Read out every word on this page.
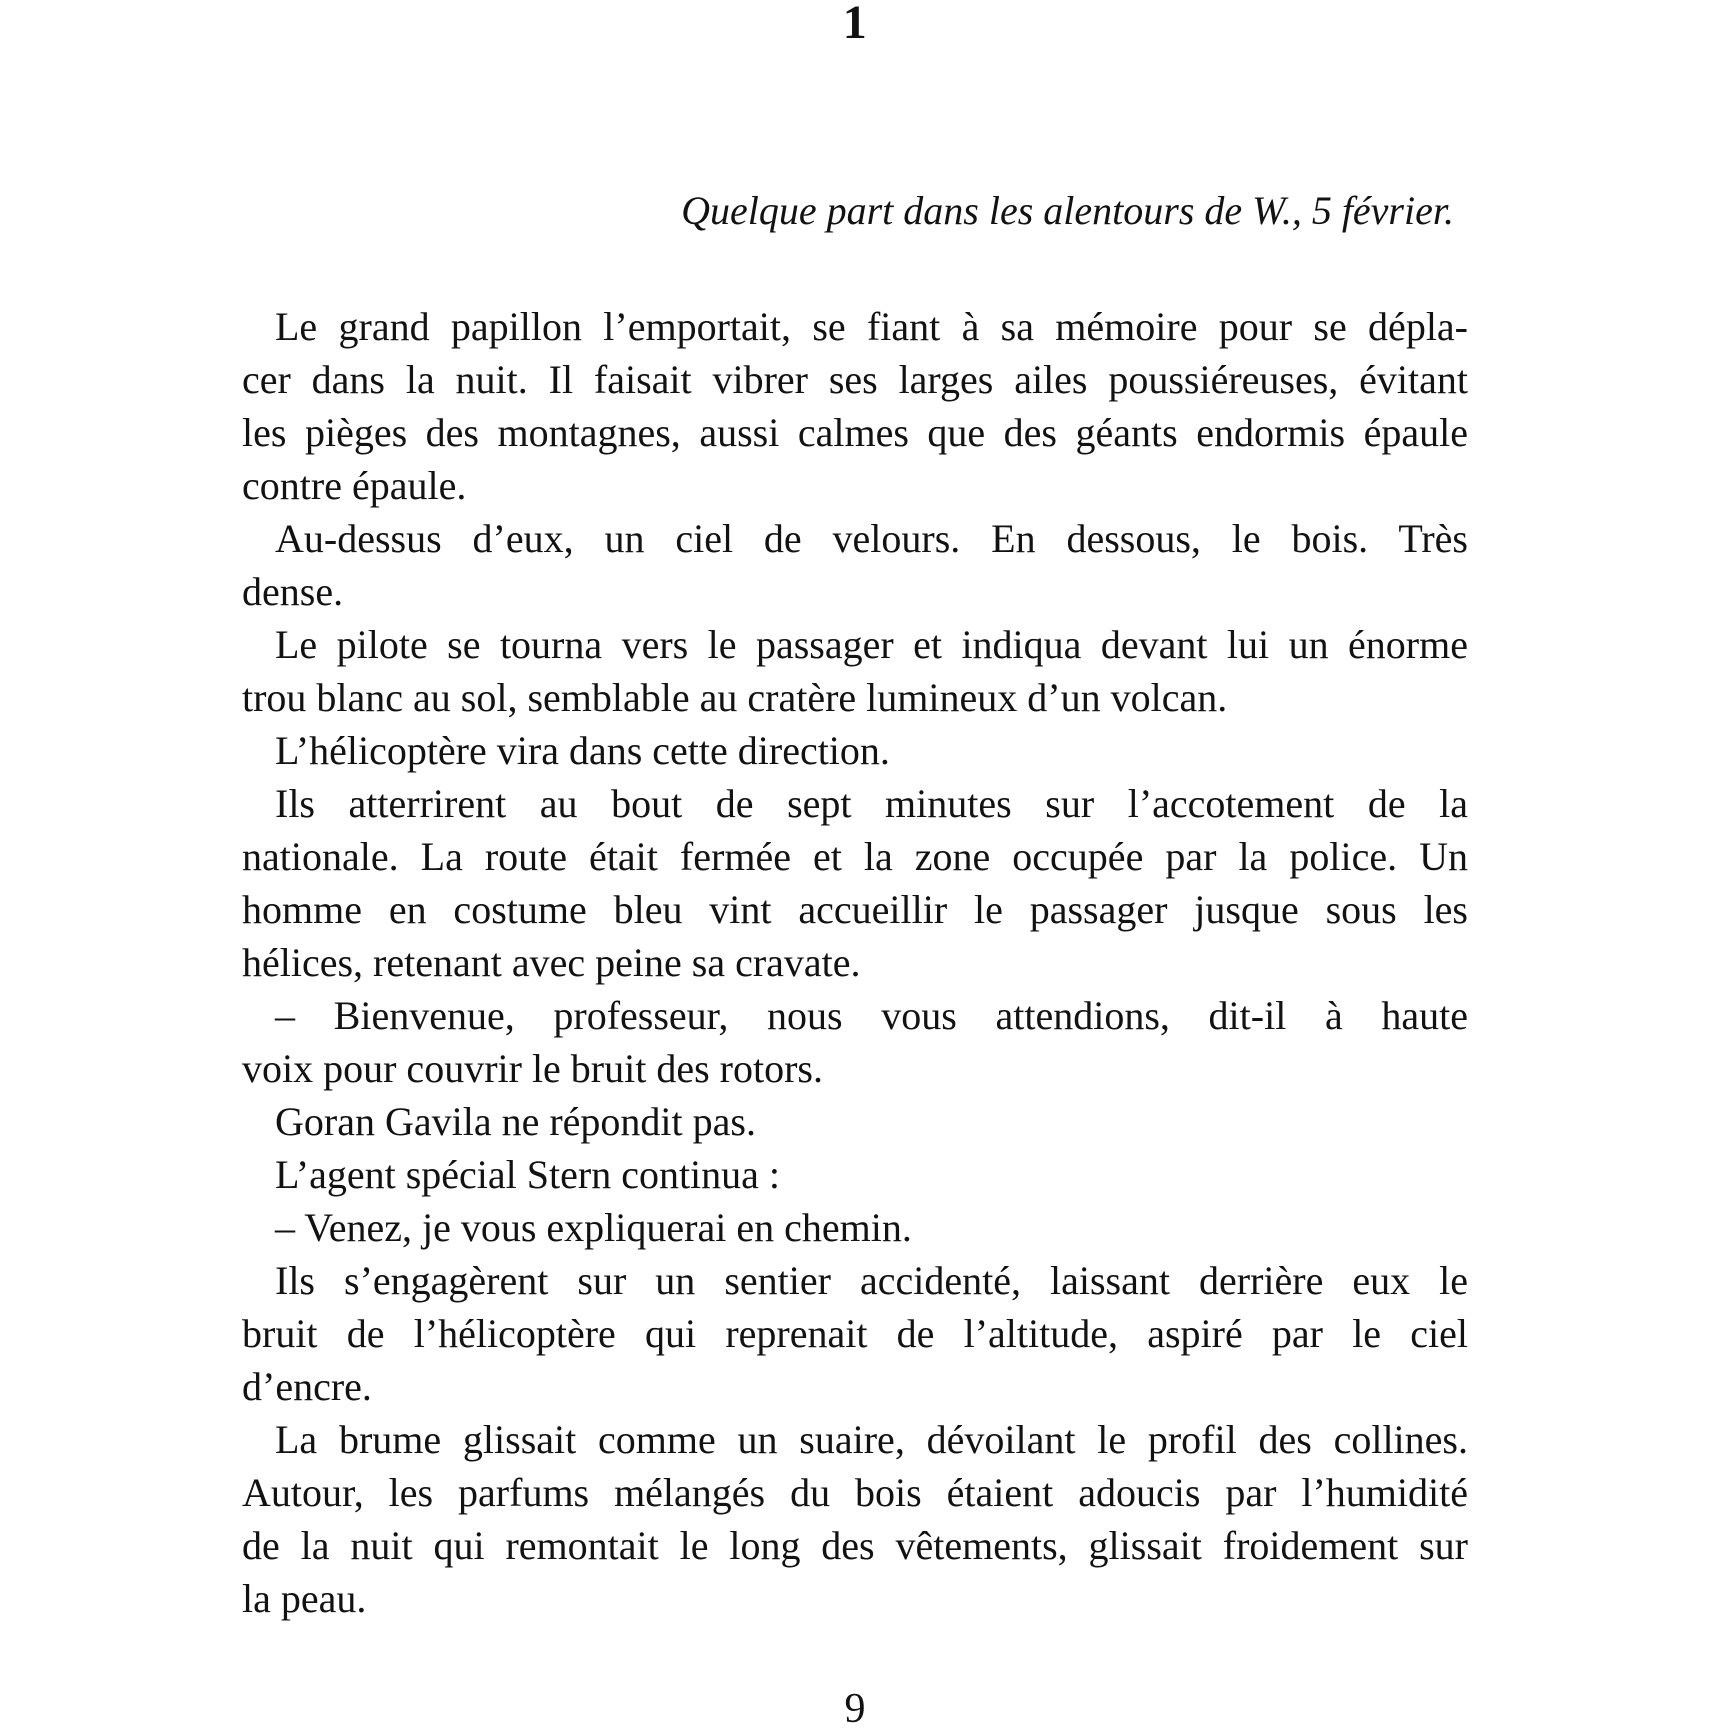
1
Quelque part dans les alentours de W., 5 février.
Le grand papillon l’emportait, se fiant à sa mémoire pour se dépla-
cer dans la nuit. Il faisait vibrer ses larges ailes poussiéreuses, évitant
les pièges des montagnes, aussi calmes que des géants endormis épaule
contre épaule.
Au-dessus d’eux, un ciel de velours. En dessous, le bois. Très
dense.
Le pilote se tourna vers le passager et indiqua devant lui un énorme
trou blanc au sol, semblable au cratère lumineux d’un volcan.
L’hélicoptère vira dans cette direction.
Ils atterrirent au bout de sept minutes sur l’accotement de la
nationale. La route était fermée et la zone occupée par la police. Un
homme en costume bleu vint accueillir le passager jusque sous les
hélices, retenant avec peine sa cravate.
– Bienvenue, professeur, nous vous attendions, dit-il à haute
voix pour couvrir le bruit des rotors.
Goran Gavila ne répondit pas.
L’agent spécial Stern continua :
– Venez, je vous expliquerai en chemin.
Ils s’engagèrent sur un sentier accidenté, laissant derrière eux le
bruit de l’hélicoptère qui reprenait de l’altitude, aspiré par le ciel
d’encre.
La brume glissait comme un suaire, dévoilant le profil des collines.
Autour, les parfums mélangés du bois étaient adoucis par l’humidité
de la nuit qui remontait le long des vêtements, glissait froidement sur
la peau.
9
